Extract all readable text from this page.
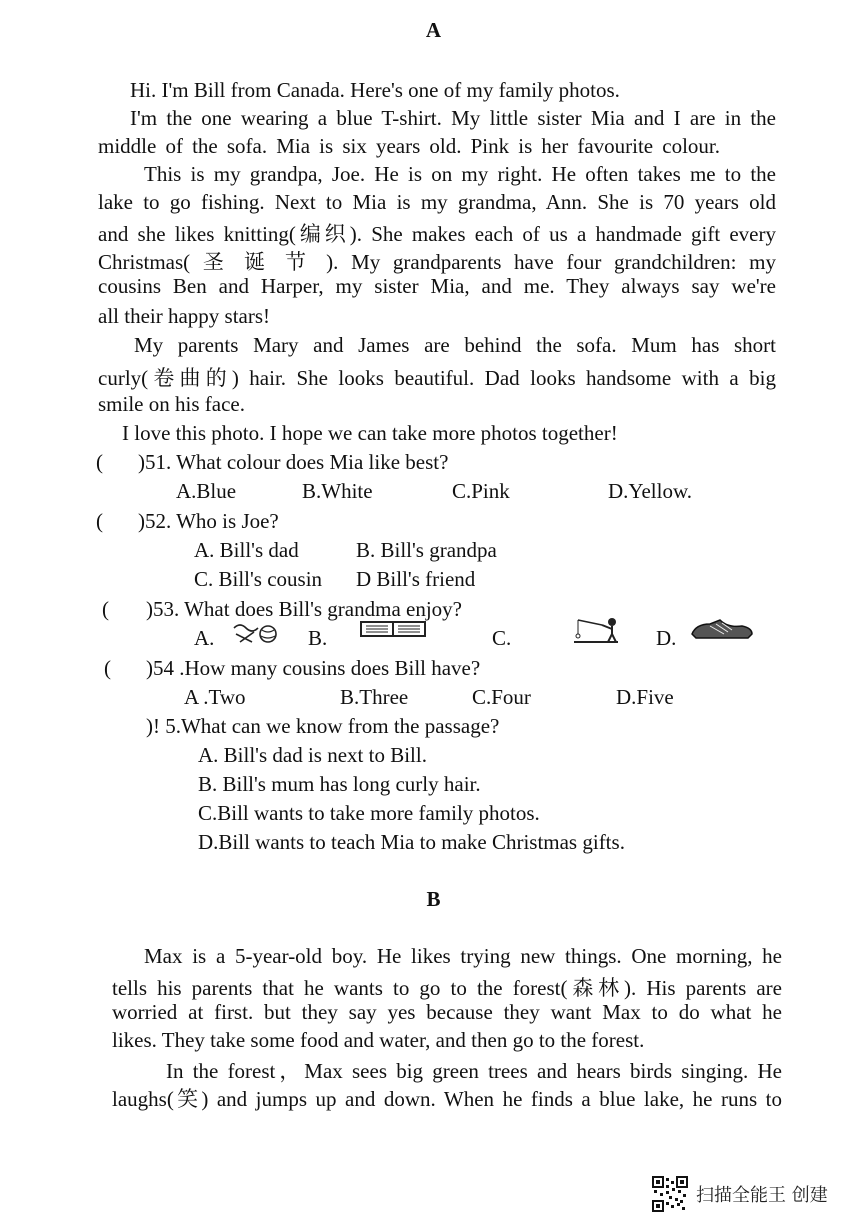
A
Hi. I'm Bill from Canada. Here's one of my family photos.
I'm the one wearing a blue T-shirt. My little sister Mia and I are in the
middle of the sofa. Mia is six years old. Pink is her favourite colour.
This is my grandpa, Joe. He is on my right. He often takes me to the
lake to go fishing. Next to Mia is my grandma, Ann. She is 70 years old
and she likes knitting(编织). She makes each of us a handmade gift every
Christmas( 圣 诞 节 ). My grandparents have four grandchildren: my
cousins Ben and Harper, my sister Mia, and me. They always say we're
all their happy stars!
My parents Mary and James are behind the sofa. Mum has short
curly(卷曲的) hair. She looks beautiful. Dad looks handsome with a big
smile on his face.
I love this photo. I hope we can take more photos together!
( )51. What colour does Mia like best?
A.Blue	B.White	C.Pink	D.Yellow.
( )52. Who is Joe?
A. Bill's dad	B. Bill's grandpa
C. Bill's cousin D Bill's friend
( )53. What does Bill's grandma enjoy?
A.	B.	C.	D.
( )54 .How many cousins does Bill have?
A .Two	B.Three	C.Four	D.Five
)! 5.What can we know from the passage?
A. Bill's dad is next to Bill.
B. Bill's mum has long curly hair.
C.Bill wants to take more family photos.
D.Bill wants to teach Mia to make Christmas gifts.
B
Max is a 5-year-old boy. He likes trying new things. One morning, he
tells his parents that he wants to go to the forest(森林). His parents are
worried at first. but they say yes because they want Max to do what he
likes. They take some food and water, and then go to the forest.
In the forest，Max sees big green trees and hears birds singing. He
laughs(笑) and jumps up and down. When he finds a blue lake, he runs to
扫描全能王 创建
